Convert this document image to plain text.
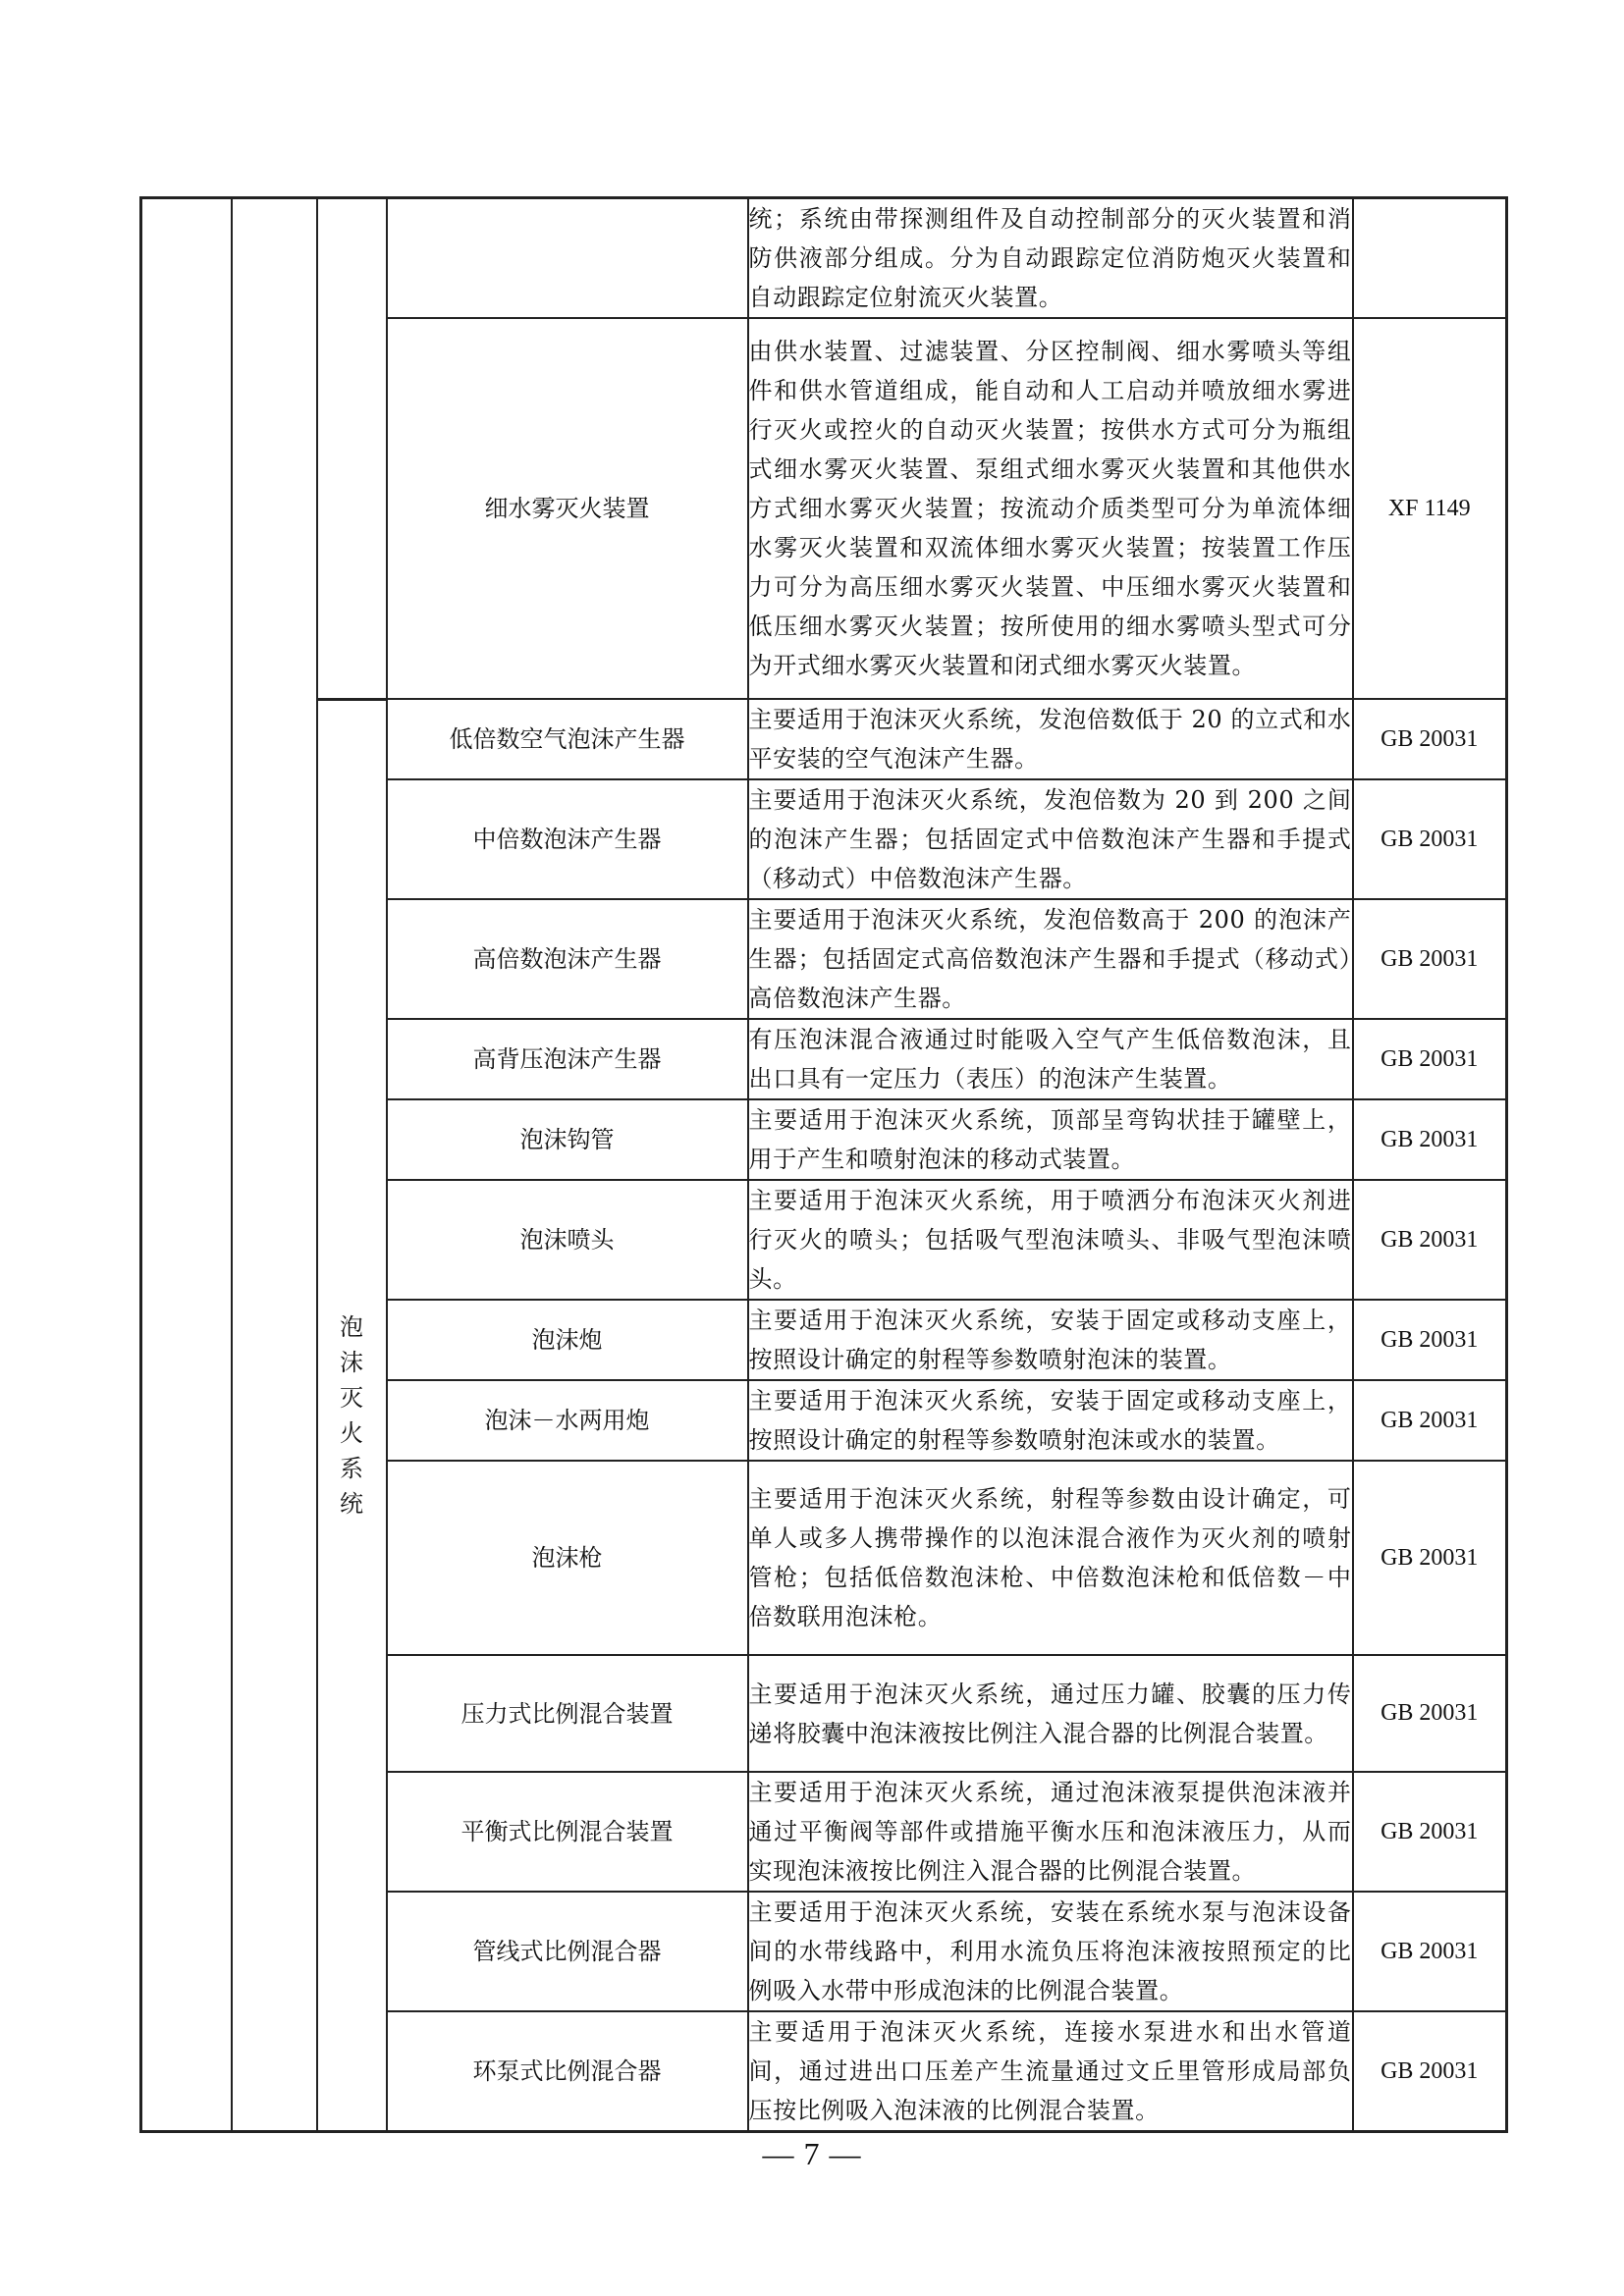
				统；系统由带探测组件及自动控制部分的灭火装置和消防供液部分组成。分为自动跟踪定位消防炮灭火装置和自动跟踪定位射流灭火装置。	
			细水雾灭火装置	由供水装置、过滤装置、分区控制阀、细水雾喷头等组件和供水管道组成，能自动和人工启动并喷放细水雾进行灭火或控火的自动灭火装置；按供水方式可分为瓶组式细水雾灭火装置、泵组式细水雾灭火装置和其他供水方式细水雾灭火装置；按流动介质类型可分为单流体细水雾灭火装置和双流体细水雾灭火装置；按装置工作压力可分为高压细水雾灭火装置、中压细水雾灭火装置和低压细水雾灭火装置；按所使用的细水雾喷头型式可分为开式细水雾灭火装置和闭式细水雾灭火装置。	XF 1149
		泡沫灭火系统	低倍数空气泡沫产生器	主要适用于泡沫灭火系统，发泡倍数低于 20 的立式和水平安装的空气泡沫产生器。	GB 20031
			中倍数泡沫产生器	主要适用于泡沫灭火系统，发泡倍数为 20 到 200 之间的泡沫产生器；包括固定式中倍数泡沫产生器和手提式（移动式）中倍数泡沫产生器。	GB 20031
			高倍数泡沫产生器	主要适用于泡沫灭火系统，发泡倍数高于 200 的泡沫产生器；包括固定式高倍数泡沫产生器和手提式（移动式）高倍数泡沫产生器。	GB 20031
			高背压泡沫产生器	有压泡沫混合液通过时能吸入空气产生低倍数泡沫，且出口具有一定压力（表压）的泡沫产生装置。	GB 20031
			泡沫钩管	主要适用于泡沫灭火系统，顶部呈弯钩状挂于罐壁上，用于产生和喷射泡沫的移动式装置。	GB 20031
			泡沫喷头	主要适用于泡沫灭火系统，用于喷洒分布泡沫灭火剂进行灭火的喷头；包括吸气型泡沫喷头、非吸气型泡沫喷头。	GB 20031
			泡沫炮	主要适用于泡沫灭火系统，安装于固定或移动支座上，按照设计确定的射程等参数喷射泡沫的装置。	GB 20031
			泡沫－水两用炮	主要适用于泡沫灭火系统，安装于固定或移动支座上，按照设计确定的射程等参数喷射泡沫或水的装置。	GB 20031
			泡沫枪	主要适用于泡沫灭火系统，射程等参数由设计确定，可单人或多人携带操作的以泡沫混合液作为灭火剂的喷射管枪；包括低倍数泡沫枪、中倍数泡沫枪和低倍数－中倍数联用泡沫枪。	GB 20031
			压力式比例混合装置	主要适用于泡沫灭火系统，通过压力罐、胶囊的压力传递将胶囊中泡沫液按比例注入混合器的比例混合装置。	GB 20031
			平衡式比例混合装置	主要适用于泡沫灭火系统，通过泡沫液泵提供泡沫液并通过平衡阀等部件或措施平衡水压和泡沫液压力，从而实现泡沫液按比例注入混合器的比例混合装置。	GB 20031
			管线式比例混合器	主要适用于泡沫灭火系统，安装在系统水泵与泡沫设备间的水带线路中，利用水流负压将泡沫液按照预定的比例吸入水带中形成泡沫的比例混合装置。	GB 20031
			环泵式比例混合器	主要适用于泡沫灭火系统，连接水泵进水和出水管道间，通过进出口压差产生流量通过文丘里管形成局部负压按比例吸入泡沫液的比例混合装置。	GB 20031
— 7 —
